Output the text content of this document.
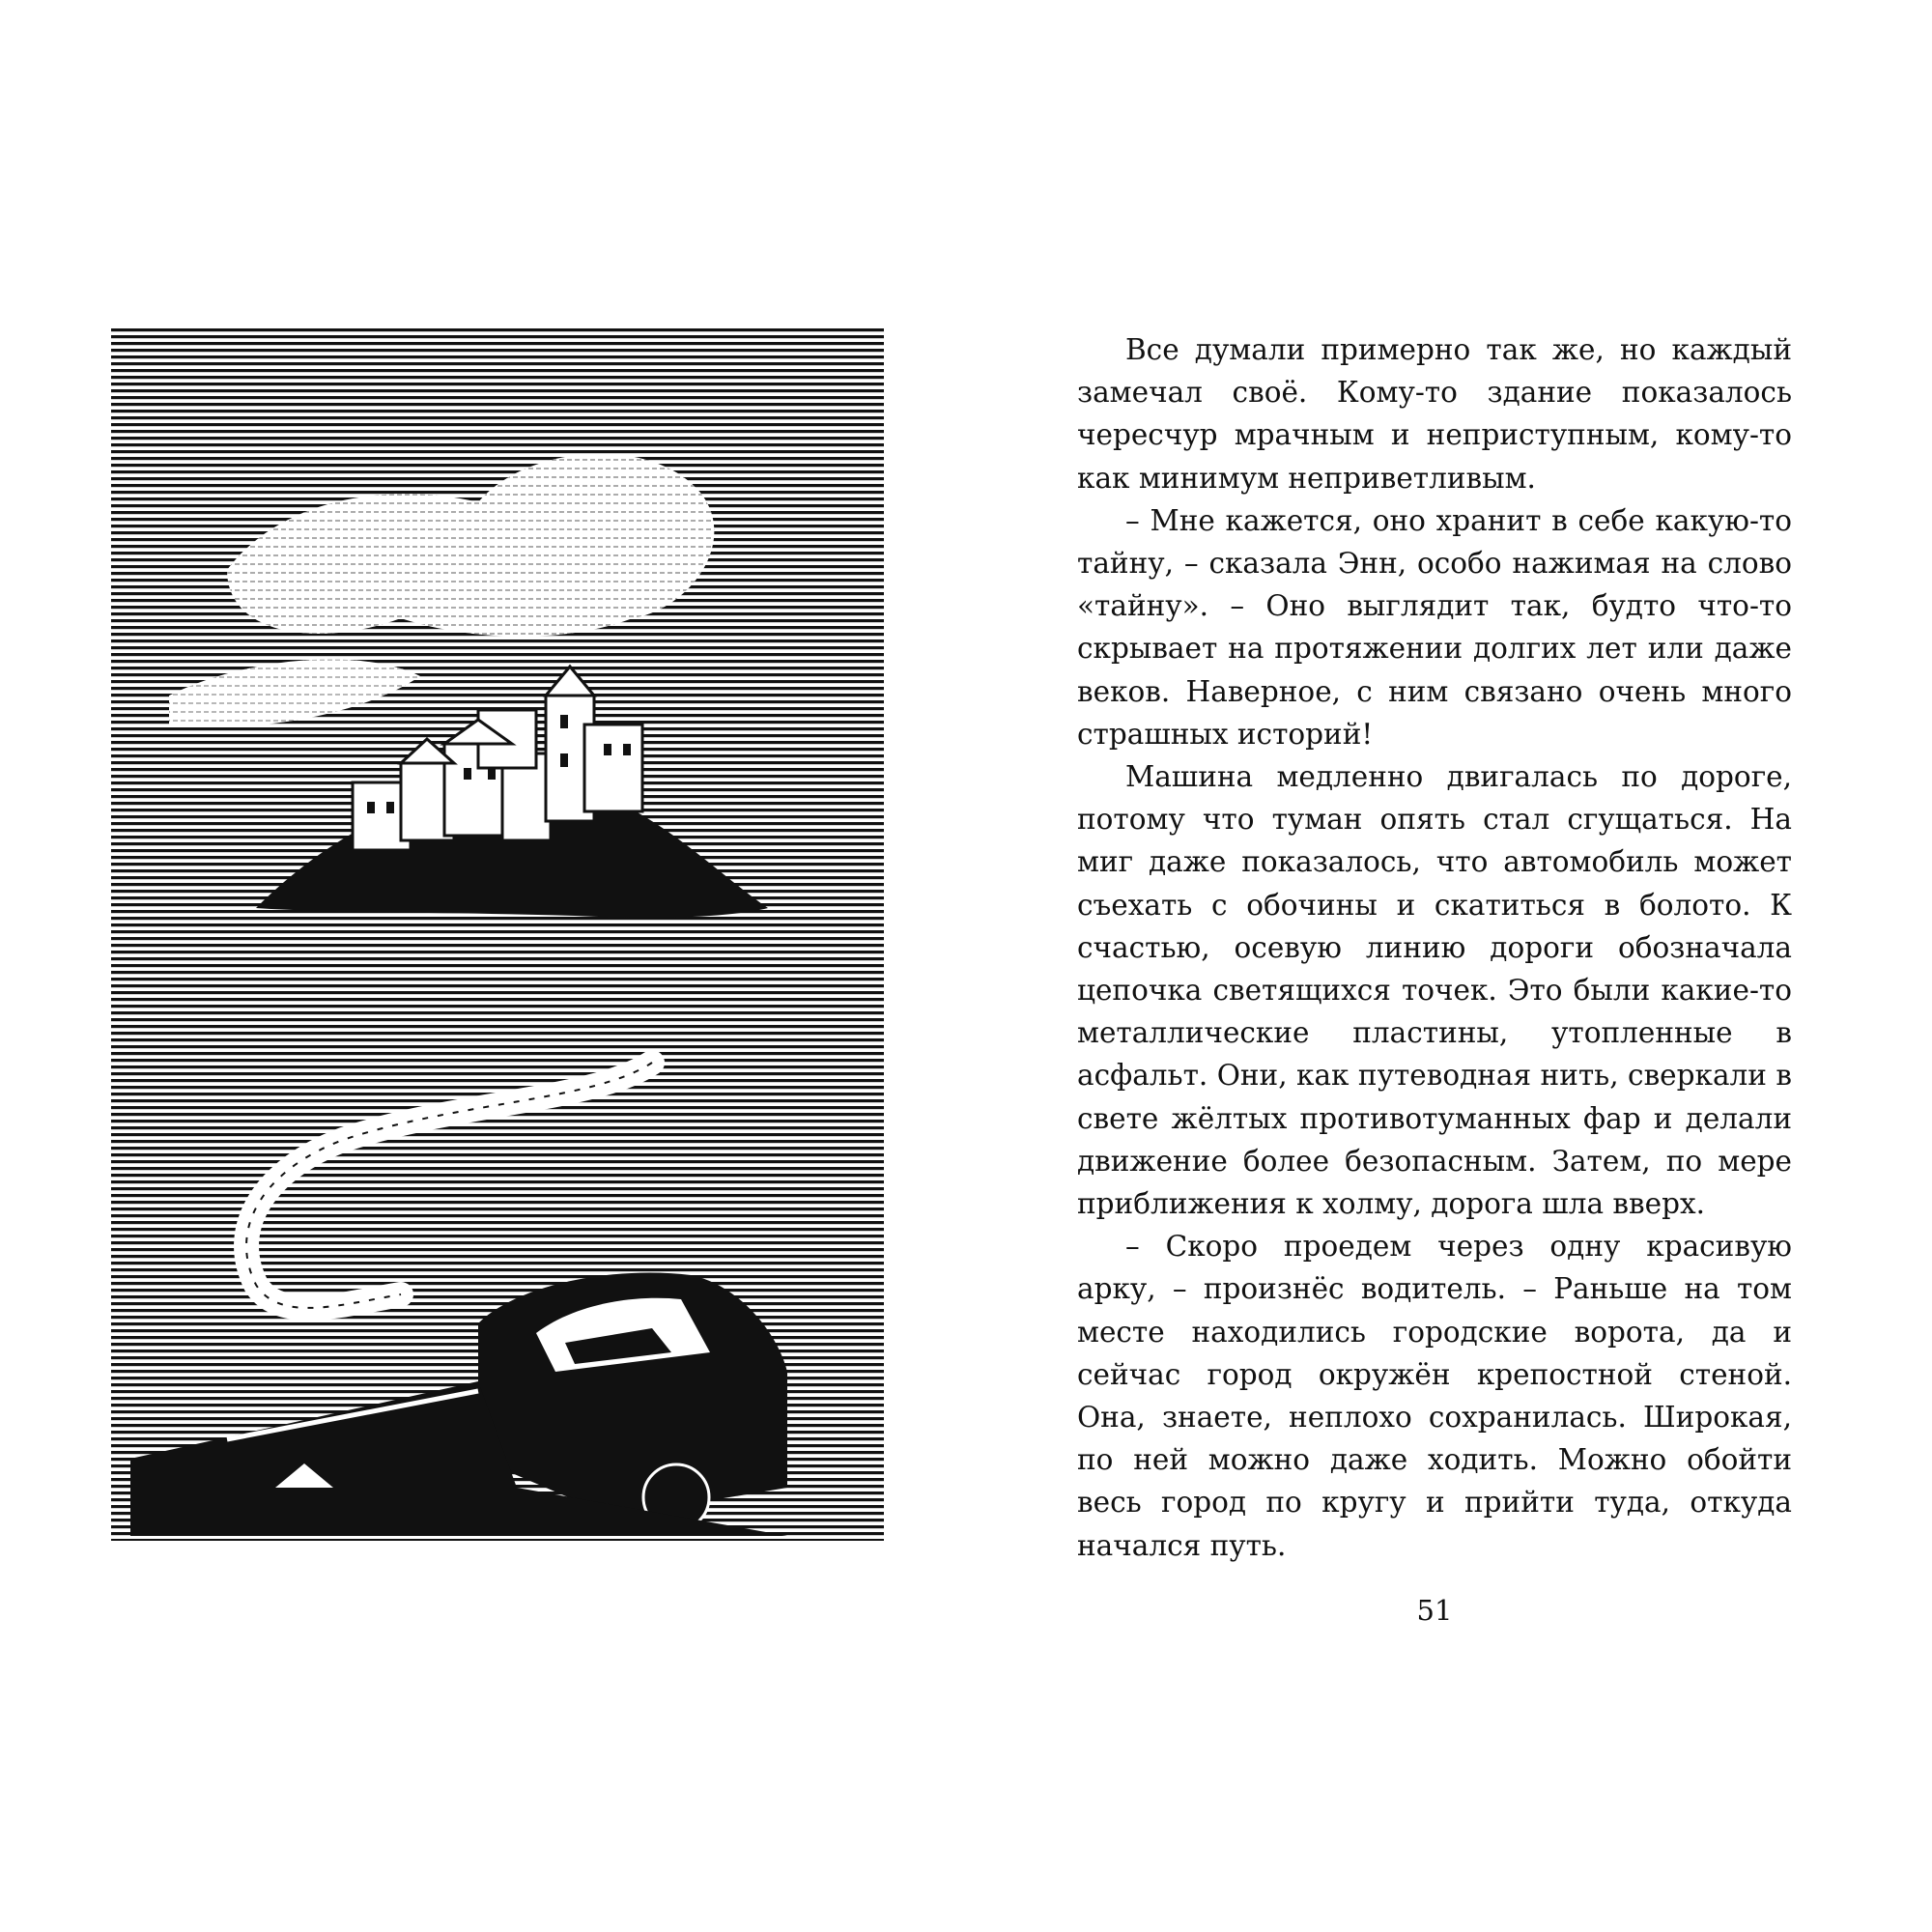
Все думали примерно так же, но каждый замечал своё. Кому-то здание показалось чересчур мрачным и неприступным, кому-то как минимум неприветливым.

– Мне кажется, оно хранит в себе какую-то тайну, – сказала Энн, особо нажимая на слово «тайну». – Оно выглядит так, будто что-то скрывает на протяжении долгих лет или даже веков. Наверное, с ним связано очень много страшных историй!

Машина медленно двигалась по дороге, потому что туман опять стал сгущаться. На миг даже показалось, что автомобиль может съехать с обочины и скатиться в болото. К счастью, осевую линию дороги обозначала цепочка светящихся точек. Это были какие-то металлические пластины, утопленные в асфальт. Они, как путеводная нить, сверкали в свете жёлтых противотуманных фар и делали движение более безопасным. Затем, по мере приближения к холму, дорога шла вверх.

– Скоро проедем через одну красивую арку, – произнёс водитель. – Раньше на том месте находились городские ворота, да и сейчас город окружён крепостной стеной. Она, знаете, неплохо сохранилась. Широкая, по ней можно даже ходить. Можно обойти весь город по кругу и прийти туда, откуда начался путь.

51
